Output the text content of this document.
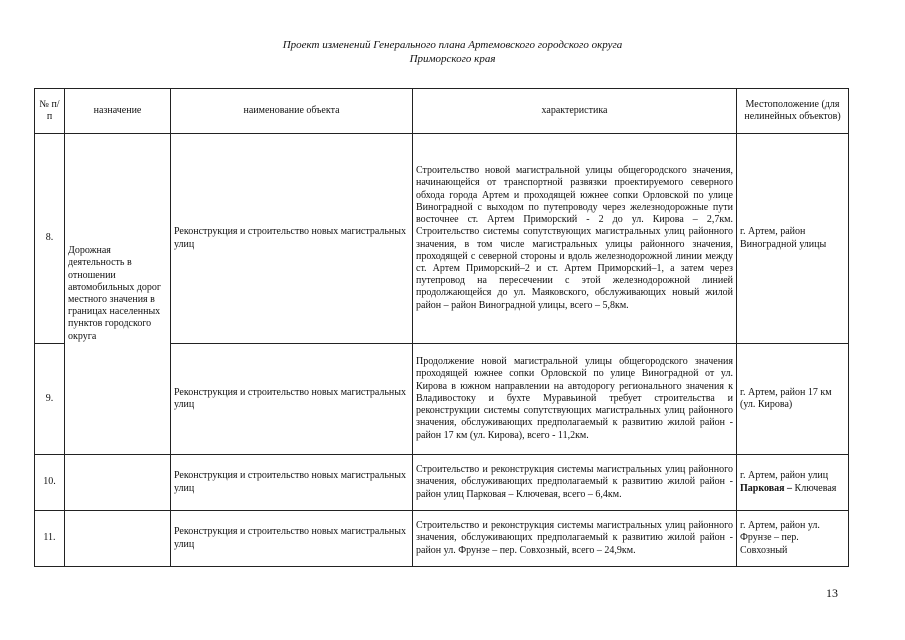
Проект изменений Генерального плана Артемовского городского округа
Приморского края
№ п/п	назначение	наименование объекта	характеристика	Местоположение (для нелинейных объектов)
8.	Дорожная деятельность в отношении автомобильных дорог местного значения в границах населенных пунктов городского округа	Реконструкция и строительство новых магистральных улиц	Строительство новой магистральной улицы общегородского значения, начинающейся от транспортной развязки проектируемого северного обхода города Артем и проходящей южнее сопки Орловской по улице Виноградной с выходом по путепроводу через железнодорожные пути восточнее ст. Артем Приморский - 2 до ул. Кирова – 2,7км. Строительство системы сопутствующих магистральных улиц районного значения, в том числе магистральных улицы районного значения, проходящей с северной стороны и вдоль железнодорожной линии между ст. Артем Приморский–2 и ст. Артем Приморский–1, а затем через путепровод на пересечении с этой железнодорожной линией продолжающейся до ул. Маяковского, обслуживающих новый жилой район – район Виноградной улицы, всего – 5,8км.	г. Артем, район Виноградной улицы
9.		Реконструкция и строительство новых магистральных улиц	Продолжение новой магистральной улицы общегородского значения проходящей южнее сопки Орловской по улице Виноградной от ул. Кирова в южном направлении на автодорогу регионального значения к Владивостоку и бухте Муравьиной требует строительства и реконструкции системы сопутствующих магистральных улиц районного значения, обслуживающих предполагаемый к развитию жилой район - район 17 км (ул. Кирова), всего - 11,2км.	г. Артем, район 17 км (ул. Кирова)
10.		Реконструкция и строительство новых магистральных улиц	Строительство и реконструкция системы магистральных улиц районного значения, обслуживающих предполагаемый к развитию жилой район - район улиц Парковая – Ключевая, всего – 6,4км.	г. Артем, район улиц Парковая – Ключевая
11.		Реконструкция и строительство новых магистральных улиц	Строительство и реконструкция системы магистральных улиц районного значения, обслуживающих предполагаемый к развитию жилой район - район ул. Фрунзе – пер. Совхозный, всего – 24,9км.	г. Артем, район ул. Фрунзе – пер. Совхозный
13
